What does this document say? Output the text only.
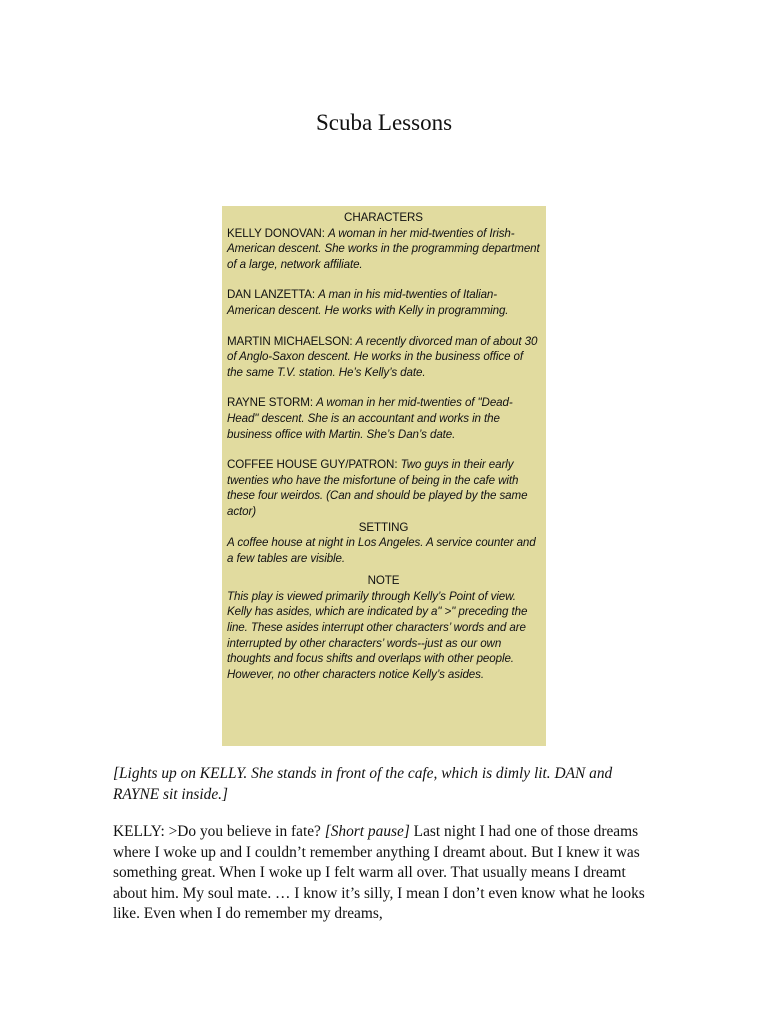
Scuba Lessons

CHARACTERS

KELLY DONOVAN: A woman in her mid-twenties of Irish-American descent. She works in the programming department of a large, network affiliate.

DAN LANZETTA: A man in his mid-twenties of Italian-American descent. He works with Kelly in programming.

MARTIN MICHAELSON: A recently divorced man of about 30 of Anglo-Saxon descent. He works in the business office of the same T.V. station. He’s Kelly’s date.

RAYNE STORM: A woman in her mid-twenties of "Dead-Head" descent. She is an accountant and works in the business office with Martin. She’s Dan’s date.

COFFEE HOUSE GUY/PATRON: Two guys in their early twenties who have the misfortune of being in the cafe with these four weirdos. (Can and should be played by the same actor)

SETTING

A coffee house at night in Los Angeles. A service counter and a few tables are visible.

NOTE

This play is viewed primarily through Kelly’s Point of view. Kelly has asides, which are indicated by a" >" preceding the line. These asides interrupt other characters’ words and are interrupted by other characters’ words--just as our own thoughts and focus shifts and overlaps with other people. However, no other characters notice Kelly’s asides.

[Lights up on KELLY. She stands in front of the cafe, which is dimly lit. DAN and RAYNE sit inside.]
KELLY: >Do you believe in fate? [Short pause] Last night I had one of those dreams where I woke up and I couldn’t remember anything I dreamt about. But I knew it was something great. When I woke up I felt warm all over. That usually means I dreamt about him. My soul mate. … I know it’s silly, I mean I don’t even know what he looks like. Even when I do remember my dreams,
